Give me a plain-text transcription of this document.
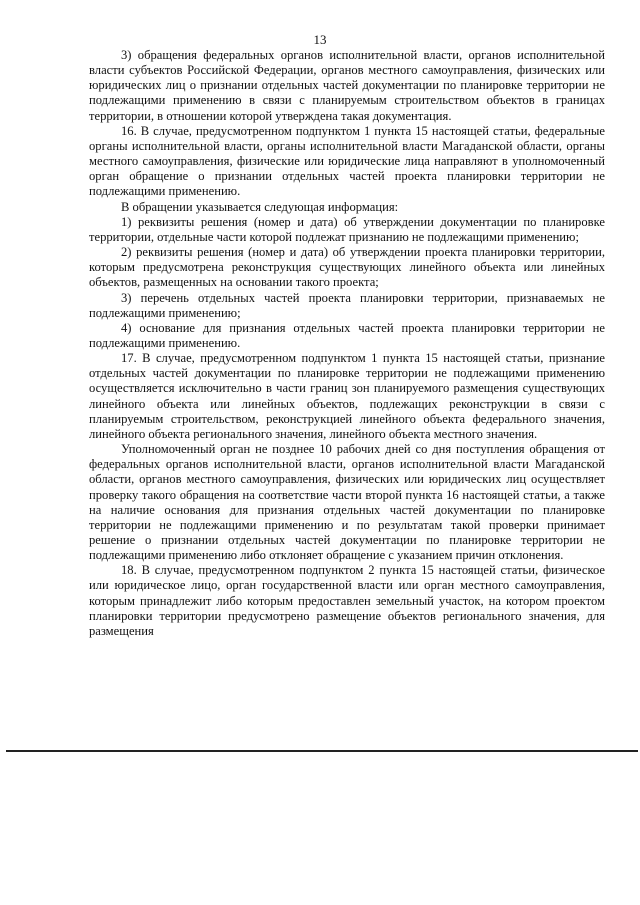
13

3) обращения федеральных органов исполнительной власти, органов исполнительной власти субъектов Российской Федерации, органов местного самоуправления, физических или юридических лиц о признании отдельных частей документации по планировке территории не подлежащими применению в связи с планируемым строительством объектов в границах территории, в отношении которой утверждена такая документация.

16. В случае, предусмотренном подпунктом 1 пункта 15 настоящей статьи, федеральные органы исполнительной власти, органы исполнительной власти Магаданской области, органы местного самоуправления, физические или юридические лица направляют в уполномоченный орган обращение о признании отдельных частей проекта планировки территории не подлежащими применению.

В обращении указывается следующая информация:

1) реквизиты решения (номер и дата) об утверждении документации по планировке территории, отдельные части которой подлежат признанию не подлежащими применению;

2) реквизиты решения (номер и дата) об утверждении проекта планировки территории, которым предусмотрена реконструкция существующих линейного объекта или линейных объектов, размещенных на основании такого проекта;

3) перечень отдельных частей проекта планировки территории, признаваемых не подлежащими применению;

4) основание для признания отдельных частей проекта планировки территории не подлежащими применению.

17. В случае, предусмотренном подпунктом 1 пункта 15 настоящей статьи, признание отдельных частей документации по планировке территории не подлежащими применению осуществляется исключительно в части границ зон планируемого размещения существующих линейного объекта или линейных объектов, подлежащих реконструкции в связи с планируемым строительством, реконструкцией линейного объекта федерального значения, линейного объекта регионального значения, линейного объекта местного значения.

Уполномоченный орган не позднее 10 рабочих дней со дня поступления обращения от федеральных органов исполнительной власти, органов исполнительной власти Магаданской области, органов местного самоуправления, физических или юридических лиц осуществляет проверку такого обращения на соответствие части второй пункта 16 настоящей статьи, а также на наличие основания для признания отдельных частей документации по планировке территории не подлежащими применению и по результатам такой проверки принимает решение о признании отдельных частей документации по планировке территории не подлежащими применению либо отклоняет обращение с указанием причин отклонения.

18. В случае, предусмотренном подпунктом 2 пункта 15 настоящей статьи, физическое или юридическое лицо, орган государственной власти или орган местного самоуправления, которым принадлежит либо которым предоставлен земельный участок, на котором проектом планировки территории предусмотрено размещение объектов регионального значения, для размещения
